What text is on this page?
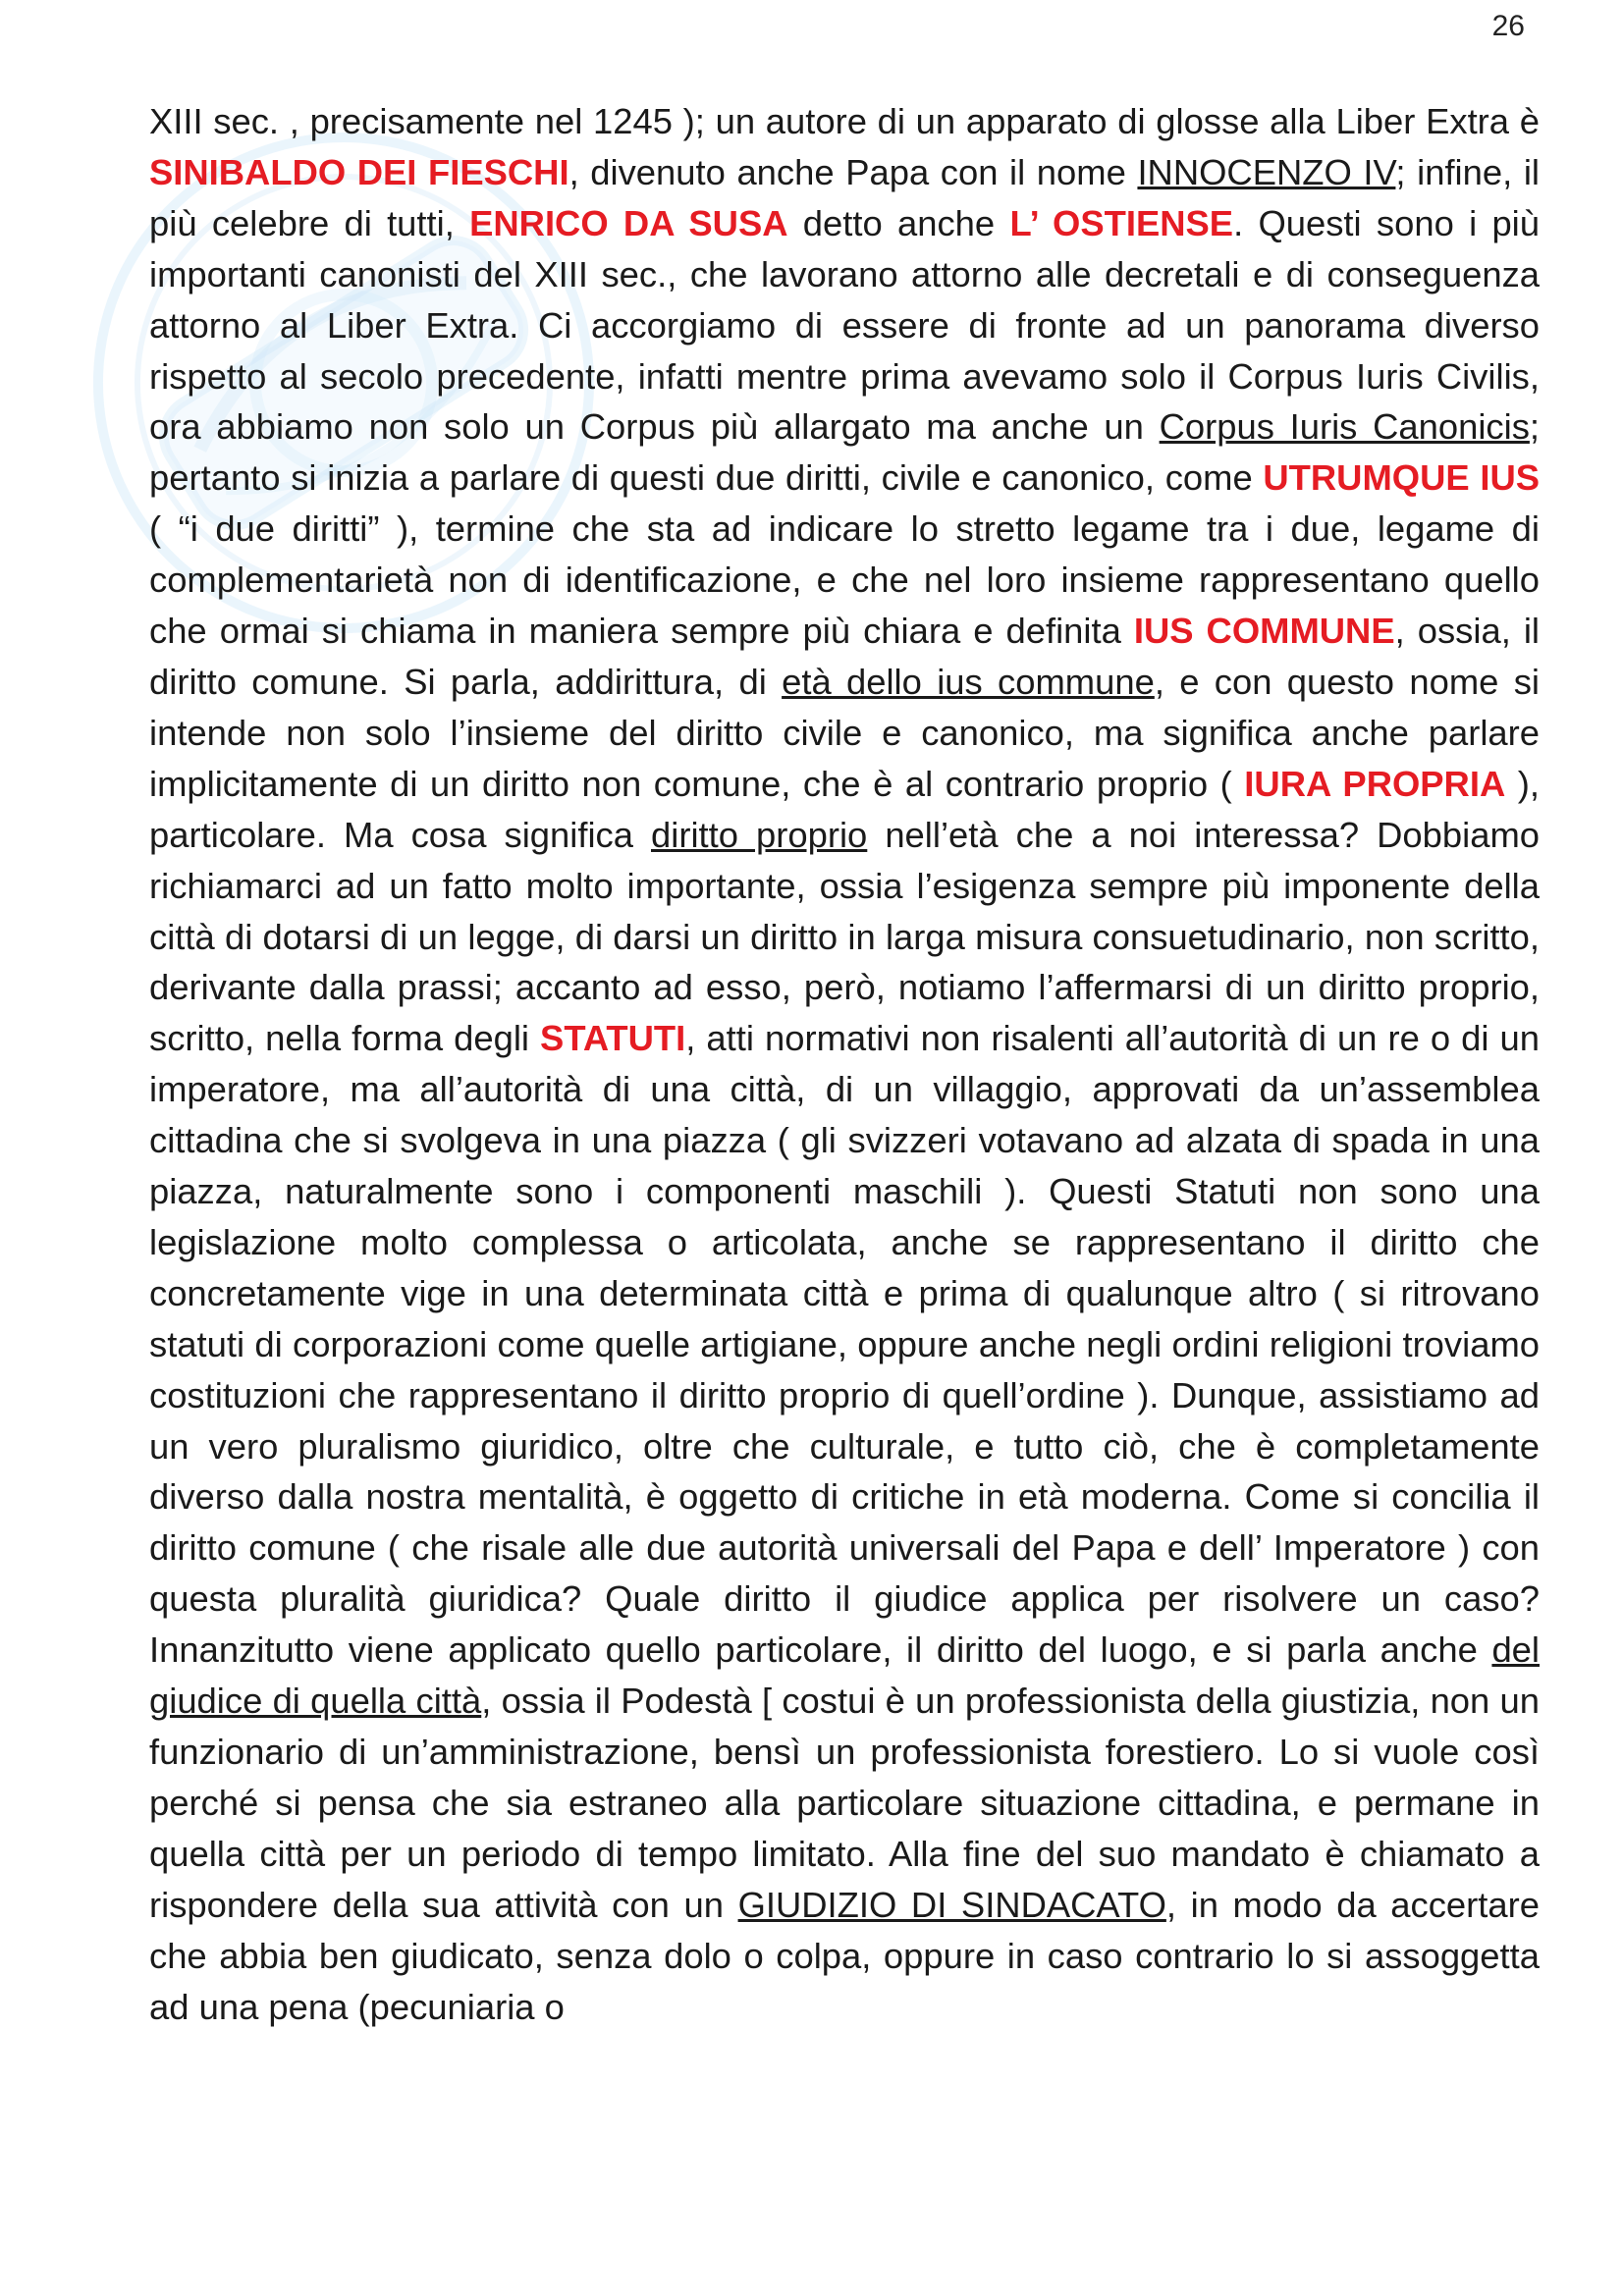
26

XIII sec. , precisamente nel 1245 ); un autore di un apparato di glosse alla Liber Extra è SINIBALDO DEI FIESCHI, divenuto anche Papa con il nome INNOCENZO IV; infine, il più celebre di tutti, ENRICO DA SUSA detto anche L’ OSTIENSE. Questi sono i più importanti canonisti del XIII sec., che lavorano attorno alle decretali e di conseguenza attorno al Liber Extra. Ci accorgiamo di essere di fronte ad un panorama diverso rispetto al secolo precedente, infatti mentre prima avevamo solo il Corpus Iuris Civilis, ora abbiamo non solo un Corpus più allargato ma anche un Corpus Iuris Canonicis; pertanto si inizia a parlare di questi due diritti, civile e canonico, come UTRUMQUE IUS ( “i due diritti” ), termine che sta ad indicare lo stretto legame tra i due, legame di complementarietà non di identificazione, e che nel loro insieme rappresentano quello che ormai si chiama in maniera sempre più chiara e definita IUS COMMUNE, ossia, il diritto comune. Si parla, addirittura, di età dello ius commune, e con questo nome si intende non solo l’insieme del diritto civile e canonico, ma significa anche parlare implicitamente di un diritto non comune, che è al contrario proprio ( IURA PROPRIA ), particolare. Ma cosa significa diritto proprio nell’età che a noi interessa? Dobbiamo richiamarci ad un fatto molto importante, ossia l’esigenza sempre più imponente della città di dotarsi di un legge, di darsi un diritto in larga misura consuetudinario, non scritto, derivante dalla prassi; accanto ad esso, però, notiamo l’affermarsi di un diritto proprio, scritto, nella forma degli STATUTI, atti normativi non risalenti all’autorità di un re o di un imperatore, ma all’autorità di una città, di un villaggio, approvati da un’assemblea cittadina che si svolgeva in una piazza ( gli svizzeri votavano ad alzata di spada in una piazza, naturalmente sono i componenti maschili ). Questi Statuti non sono una legislazione molto complessa o articolata, anche se rappresentano il diritto che concretamente vige in una determinata città e prima di qualunque altro ( si ritrovano statuti di corporazioni come quelle artigiane, oppure anche negli ordini religioni troviamo costituzioni che rappresentano il diritto proprio di quell’ordine ). Dunque, assistiamo ad un vero pluralismo giuridico, oltre che culturale, e tutto ciò, che è completamente diverso dalla nostra mentalità, è oggetto di critiche in età moderna. Come si concilia il diritto comune ( che risale alle due autorità universali del Papa e dell’ Imperatore ) con questa pluralità giuridica? Quale diritto il giudice applica per risolvere un caso? Innanzitutto viene applicato quello particolare, il diritto del luogo, e si parla anche del giudice di quella città, ossia il Podestà [ costui è un professionista della giustizia, non un funzionario di un’amministrazione, bensì un professionista forestiero. Lo si vuole così perché si pensa che sia estraneo alla particolare situazione cittadina, e permane in quella città per un periodo di tempo limitato. Alla fine del suo mandato è chiamato a rispondere della sua attività con un GIUDIZIO DI SINDACATO, in modo da accertare che abbia ben giudicato, senza dolo o colpa, oppure in caso contrario lo si assoggetta ad una pena (pecuniaria o
